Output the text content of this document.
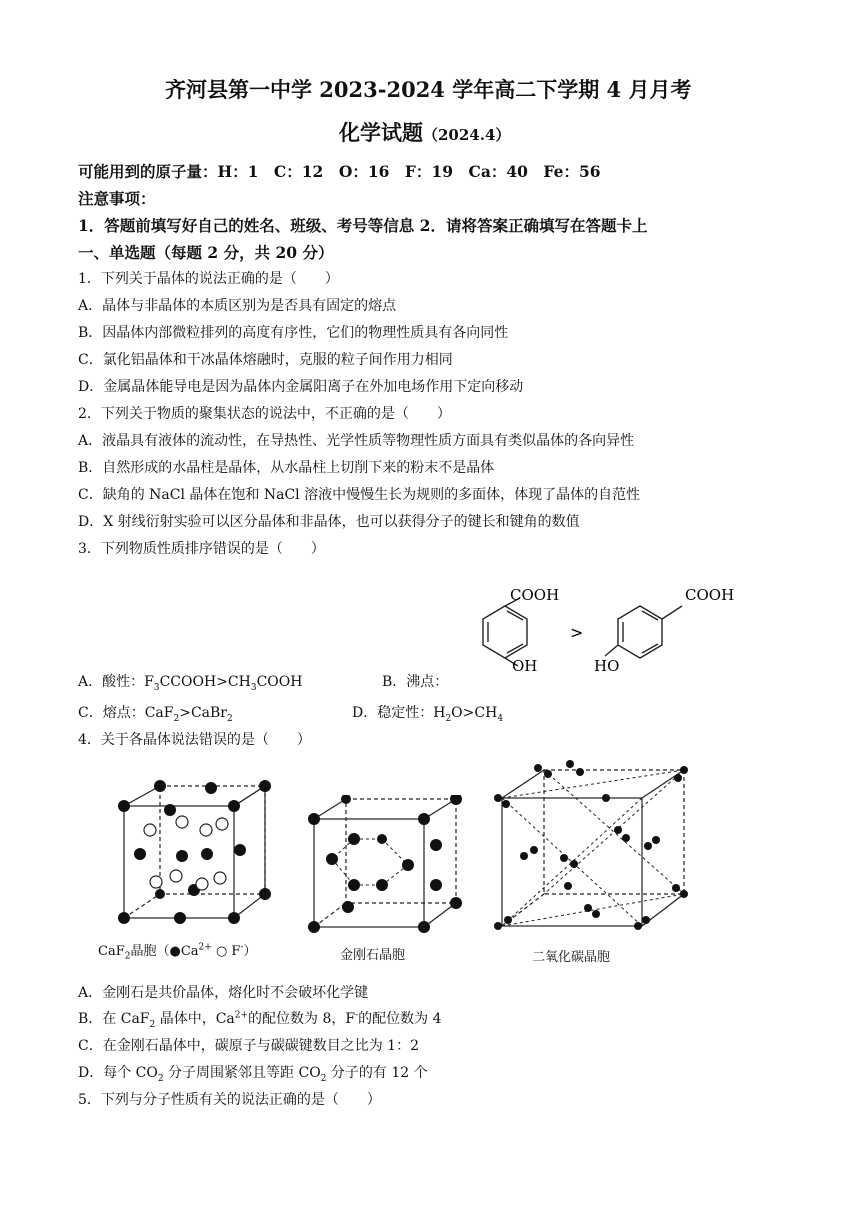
齐河县第一中学 2023-2024 学年高二下学期 4 月月考
化学试题（2024.4）
可能用到的原子量：H：1　C：12　O：16　F：19　Ca：40　Fe：56
注意事项：
1．答题前填写好自己的姓名、班级、考号等信息 2．请将答案正确填写在答题卡上
一、单选题（每题 2 分，共 20 分）
1．下列关于晶体的说法正确的是（　　）
A．晶体与非晶体的本质区别为是否具有固定的熔点
B．因晶体内部微粒排列的高度有序性，它们的物理性质具有各向同性
C．氯化铝晶体和干冰晶体熔融时，克服的粒子间作用力相同
D．金属晶体能导电是因为晶体内金属阳离子在外加电场作用下定向移动
2．下列关于物质的聚集状态的说法中，不正确的是（　　）
A．液晶具有液体的流动性，在导热性、光学性质等物理性质方面具有类似晶体的各向异性
B．自然形成的水晶柱是晶体，从水晶柱上切削下来的粉末不是晶体
C．缺角的 NaCl 晶体在饱和 NaCl 溶液中慢慢生长为规则的多面体，体现了晶体的自范性
D．X 射线衍射实验可以区分晶体和非晶体，也可以获得分子的键长和键角的数值
3．下列物质性质排序错误的是（　　）
COOH
OH
>
COOH
HO
A．酸性：$F_3CCOOH>CH_3COOH$	B．沸点：
C．熔点：CaF$_2$>CaBr$_2$	D．稳定性：$H_2O>CH_4$
4．关于各晶体说法错误的是（　　）
CaF$_2$晶胞（$●Ca^{2+}$ ○ F-）	金刚石晶胞	二氧化碳晶胞
A．金刚石是共价晶体，熔化时不会破坏化学键
B．在 CaF$_2$ 晶体中，$Ca^{2+}$的配位数为 8，F-的配位数为 4
C．在金刚石晶体中，碳原子与碳碳键数目之比为 1：2
D．每个 $CO_2$ 分子周围紧邻且等距 $CO_2$ 分子的有 12 个
5．下列与分子性质有关的说法正确的是（　　）
